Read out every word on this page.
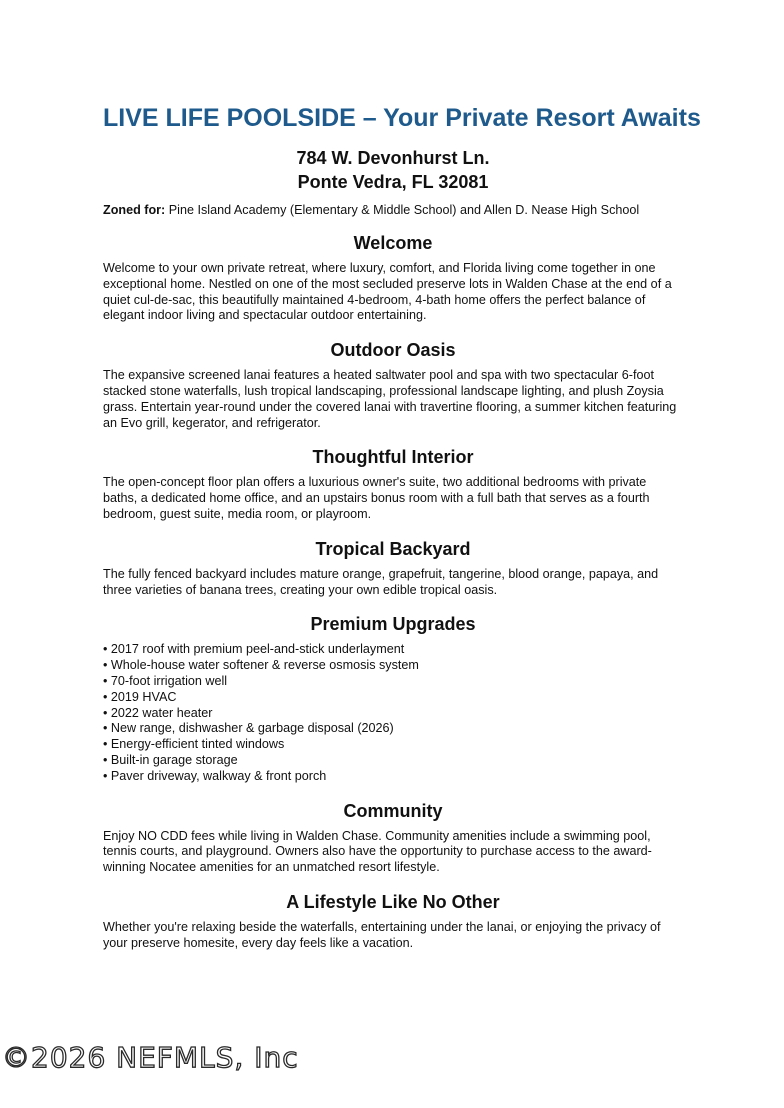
LIVE LIFE POOLSIDE – Your Private Resort Awaits
784 W. Devonhurst Ln.
Ponte Vedra, FL 32081

Zoned for: Pine Island Academy (Elementary & Middle School) and Allen D. Nease High School

Welcome

Welcome to your own private retreat, where luxury, comfort, and Florida living come together in one exceptional home. Nestled on one of the most secluded preserve lots in Walden Chase at the end of a quiet cul-de-sac, this beautifully maintained 4-bedroom, 4-bath home offers the perfect balance of elegant indoor living and spectacular outdoor entertaining.

Outdoor Oasis

The expansive screened lanai features a heated saltwater pool and spa with two spectacular 6-foot stacked stone waterfalls, lush tropical landscaping, professional landscape lighting, and plush Zoysia grass. Entertain year-round under the covered lanai with travertine flooring, a summer kitchen featuring an Evo grill, kegerator, and refrigerator.

Thoughtful Interior

The open-concept floor plan offers a luxurious owner's suite, two additional bedrooms with private baths, a dedicated home office, and an upstairs bonus room with a full bath that serves as a fourth bedroom, guest suite, media room, or playroom.

Tropical Backyard

The fully fenced backyard includes mature orange, grapefruit, tangerine, blood orange, papaya, and three varieties of banana trees, creating your own edible tropical oasis.

Premium Upgrades
• 2017 roof with premium peel-and-stick underlayment
• Whole-house water softener & reverse osmosis system
• 70-foot irrigation well
• 2019 HVAC
• 2022 water heater
• New range, dishwasher & garbage disposal (2026)
• Energy-efficient tinted windows
• Built-in garage storage
• Paver driveway, walkway & front porch
Community

Enjoy NO CDD fees while living in Walden Chase. Community amenities include a swimming pool, tennis courts, and playground. Owners also have the opportunity to purchase access to the award-winning Nocatee amenities for an unmatched resort lifestyle.

A Lifestyle Like No Other

Whether you're relaxing beside the waterfalls, entertaining under the lanai, or enjoying the privacy of your preserve homesite, every day feels like a vacation.

©2026 NEFMLS, Inc
